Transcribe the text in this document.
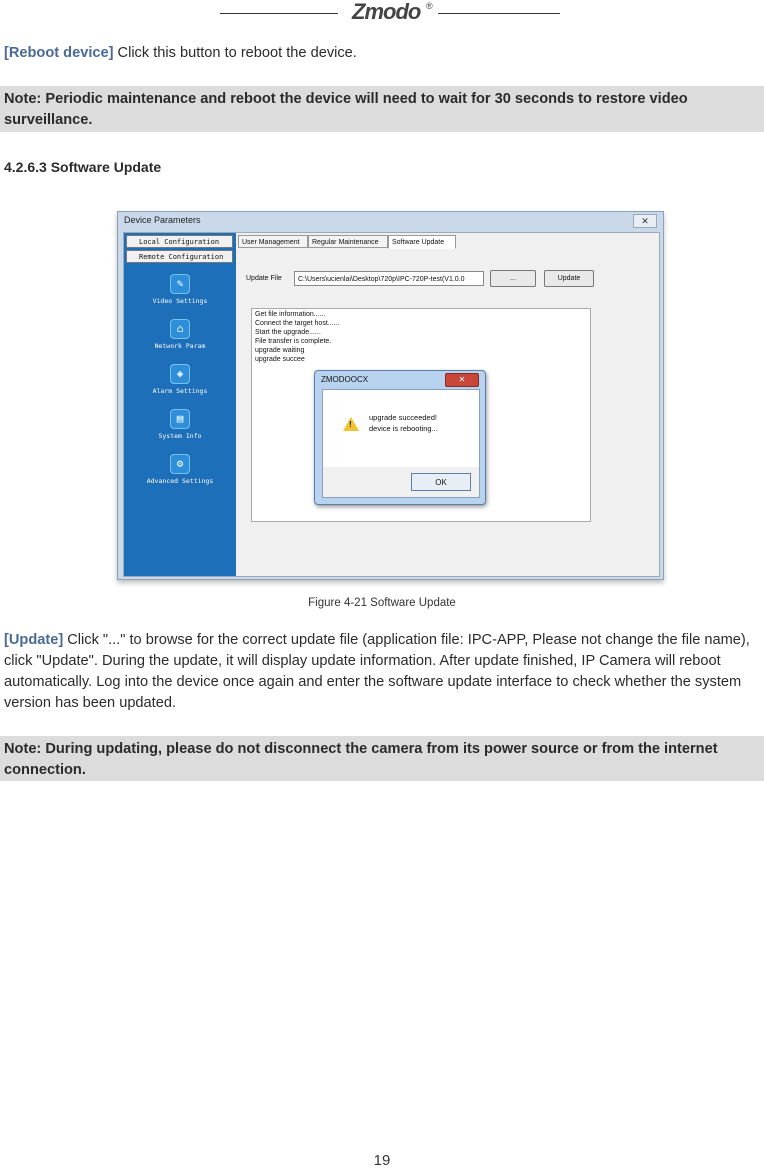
Zmodo ®
[Reboot device] Click this button to reboot the device.
Note: Periodic maintenance and reboot the device will need to wait for 30 seconds to restore video surveillance.
4.2.6.3 Software Update
Device Parameters	✕
Local Configuration
Remote Configuration
✎
Video Settings
⌂
Network Param
◈
Alarm Settings
▤
System Info
⚙
Advanced Settings
User Management	Regular Maintenance	Software Update
Update File	C:\Users\ucienlai\Desktop\720p\IPC-720P-test(V1.0.0	...	Update
Get file information......
Connect the target host......
Start the upgrade......
File transfer is complete.
upgrade waiting
upgrade succee
ZMODOOCX	✕
!
upgrade succeeded!
device is rebooting...
OK
Figure 4-21 Software Update
[Update] Click "..." to browse for the correct update file (application file: IPC-APP, Please not change the file name), click "Update". During the update, it will display update information. After update finished, IP Camera will reboot automatically. Log into the device once again and enter the software update interface to check whether the system version has been updated.
Note: During updating, please do not disconnect the camera from its power source or from the internet connection.
19
